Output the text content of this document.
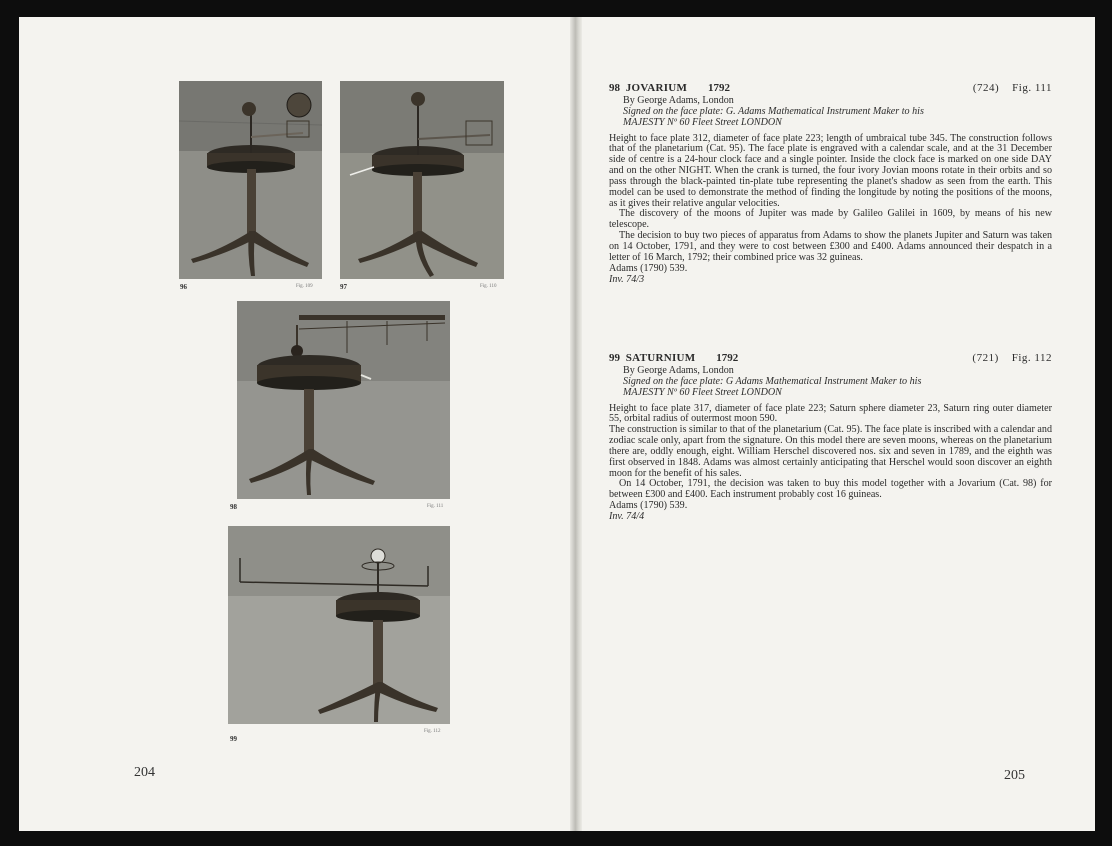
96	Fig. 109	97	Fig. 110
98	Fig. 111
99
Fig. 112
204	205
98 JOVARIUM 1792	(724) Fig. 111

By George Adams, London

Signed on the face plate: G. Adams Mathematical Instrument Maker to his

MAJESTY Nº 60 Fleet Street LONDON

Height to face plate 312, diameter of face plate 223; length of umbraical tube 345. The construction follows that of the planetarium (Cat. 95). The face plate is engraved with a calendar scale, and at the 31 December side of centre is a 24-hour clock face and a single pointer. Inside the clock face is marked on one side DAY and on the other NIGHT. When the crank is turned, the four ivory Jovian moons rotate in their orbits and so pass through the black-painted tin-plate tube representing the planet's shadow as seen from the earth. This model can be used to demonstrate the method of finding the longitude by noting the positions of the moons, as it gives their relative angular velocities.

The discovery of the moons of Jupiter was made by Galileo Galilei in 1609, by means of his new telescope.

The decision to buy two pieces of apparatus from Adams to show the planets Jupiter and Saturn was taken on 14 October, 1791, and they were to cost between £300 and £400. Adams announced their despatch in a letter of 16 March, 1792; their combined price was 32 guineas.

Adams (1790) 539.

Inv. 74/3

99 SATURNIUM 1792	(721) Fig. 112

By George Adams, London

Signed on the face plate: G Adams Mathematical Instrument Maker to his

MAJESTY Nº 60 Fleet Street LONDON

Height to face plate 317, diameter of face plate 223; Saturn sphere diameter 23, Saturn ring outer diameter 55, orbital radius of outermost moon 590.

The construction is similar to that of the planetarium (Cat. 95). The face plate is inscribed with a calendar and zodiac scale only, apart from the signature. On this model there are seven moons, whereas on the planetarium there are, oddly enough, eight. William Herschel discovered nos. six and seven in 1789, and the eighth was first observed in 1848. Adams was almost certainly anticipating that Herschel would soon discover an eighth moon for the benefit of his sales.

On 14 October, 1791, the decision was taken to buy this model together with a Jovarium (Cat. 98) for between £300 and £400. Each instrument probably cost 16 guineas.

Adams (1790) 539.

Inv. 74/4
